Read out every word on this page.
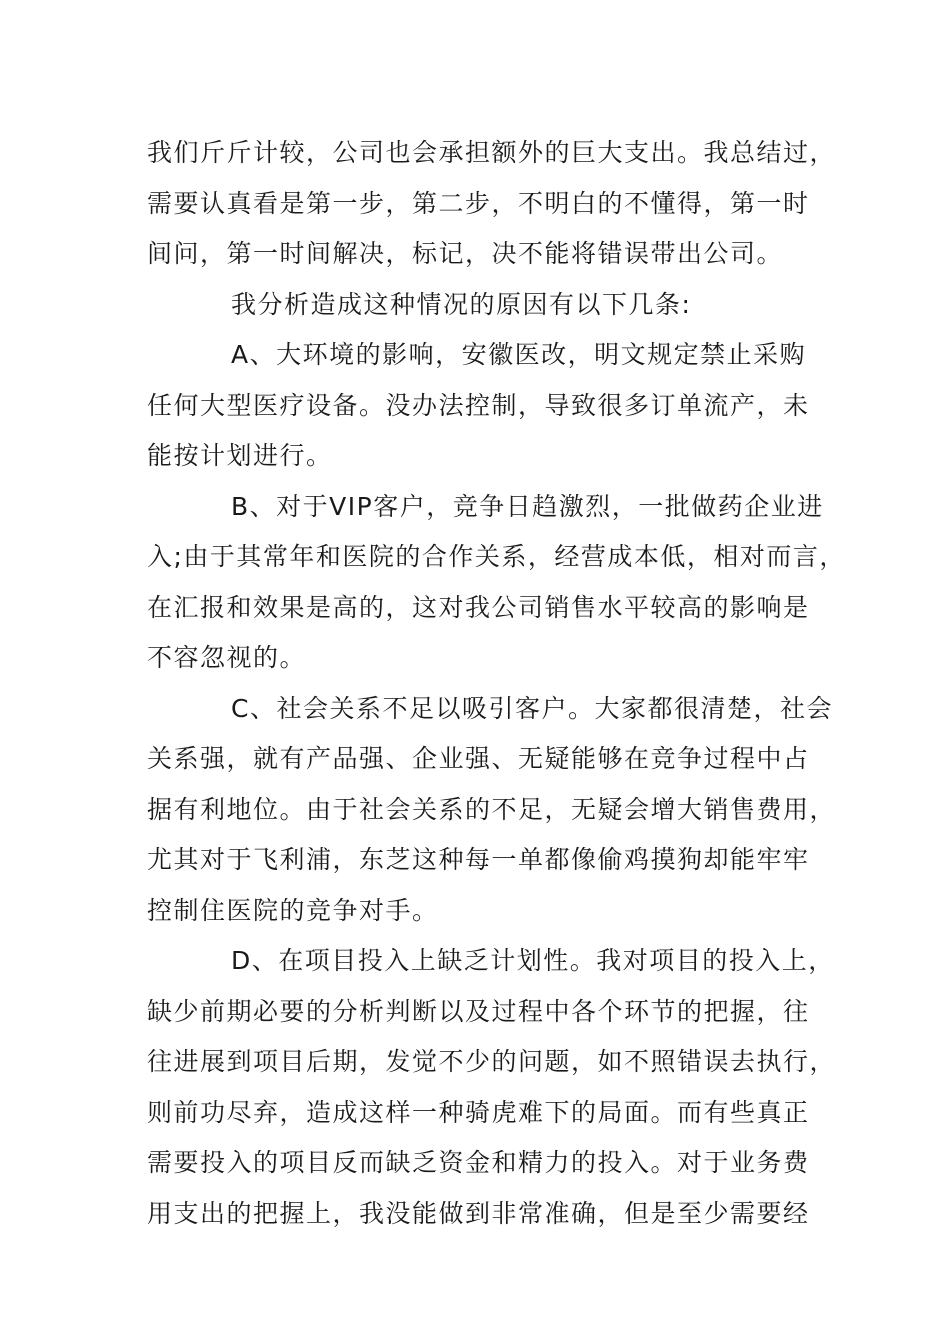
我们斤斤计较，公司也会承担额外的巨大支出。我总结过，
需要认真看是第一步，第二步，不明白的不懂得，第一时
间问，第一时间解决，标记，决不能将错误带出公司。

我分析造成这种情况的原因有以下几条:

A、大环境的影响，安徽医改，明文规定禁止采购
任何大型医疗设备。没办法控制，导致很多订单流产，未
能按计划进行。

B、对于VIP客户，竞争日趋激烈，一批做药企业进
入;由于其常年和医院的合作关系，经营成本低，相对而言，
在汇报和效果是高的，这对我公司销售水平较高的影响是
不容忽视的。

C、社会关系不足以吸引客户。大家都很清楚，社会
关系强，就有产品强、企业强、无疑能够在竞争过程中占
据有利地位。由于社会关系的不足，无疑会增大销售费用，
尤其对于飞利浦，东芝这种每一单都像偷鸡摸狗却能牢牢
控制住医院的竞争对手。

D、在项目投入上缺乏计划性。我对项目的投入上，
缺少前期必要的分析判断以及过程中各个环节的把握，往
往进展到项目后期，发觉不少的问题，如不照错误去执行，
则前功尽弃，造成这样一种骑虎难下的局面。而有些真正
需要投入的项目反而缺乏资金和精力的投入。对于业务费
用支出的把握上，我没能做到非常准确，但是至少需要经
